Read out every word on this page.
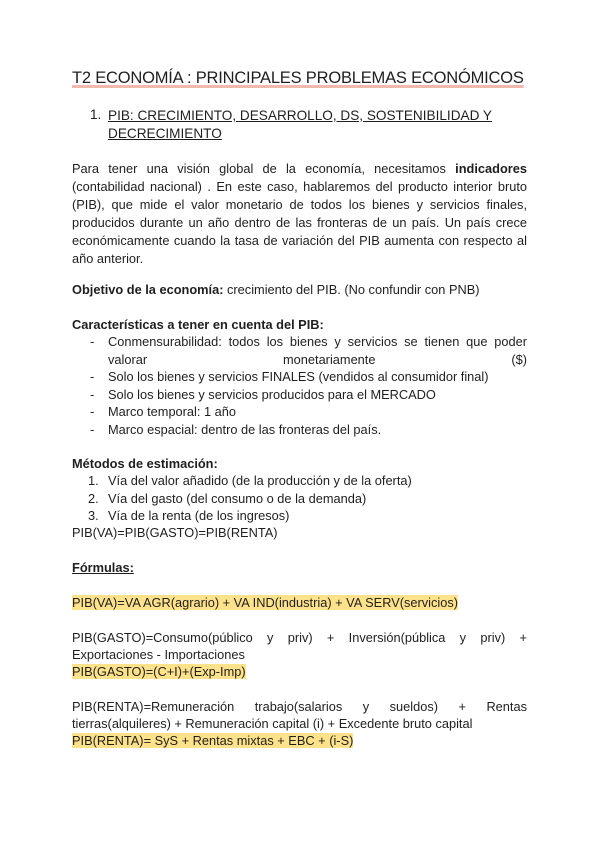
T2 ECONOMÍA : PRINCIPALES PROBLEMAS ECONÓMICOS
1. PIB: CRECIMIENTO, DESARROLLO, DS, SOSTENIBILIDAD Y
DECRECIMIENTO

Para tener una visión global de la economía, necesitamos indicadores (contabilidad nacional) . En este caso, hablaremos del producto interior bruto (PIB), que mide el valor monetario de todos los bienes y servicios finales, producidos durante un año dentro de las fronteras de un país. Un país crece económicamente cuando la tasa de variación del PIB aumenta con respecto al año anterior.

Objetivo de la economía: crecimiento del PIB. (No confundir con PNB)
Características a tener en cuenta del PIB:
- Conmensurabilidad: todos los bienes y servicios se tienen que poder valorar monetariamente ($)
- Solo los bienes y servicios FINALES (vendidos al consumidor final)
- Solo los bienes y servicios producidos para el MERCADO
- Marco temporal: 1 año
- Marco espacial: dentro de las fronteras del país.
Métodos de estimación:
1. Vía del valor añadido (de la producción y de la oferta)
2. Vía del gasto (del consumo o de la demanda)
3. Vía de la renta (de los ingresos)
PIB(VA)=PIB(GASTO)=PIB(RENTA)
Fórmulas:
PIB(VA)=VA AGR(agrario) + VA IND(industria) + VA SERV(servicios)
PIB(GASTO)=Consumo(público y priv) + Inversión(pública y priv) +
Exportaciones - Importaciones
PIB(GASTO)=(C+I)+(Exp-Imp)
PIB(RENTA)=Remuneración trabajo(salarios y sueldos) + Rentas
tierras(alquileres) + Remuneración capital (i) + Excedente bruto capital
PIB(RENTA)= SyS + Rentas mixtas + EBC + (i-S)
